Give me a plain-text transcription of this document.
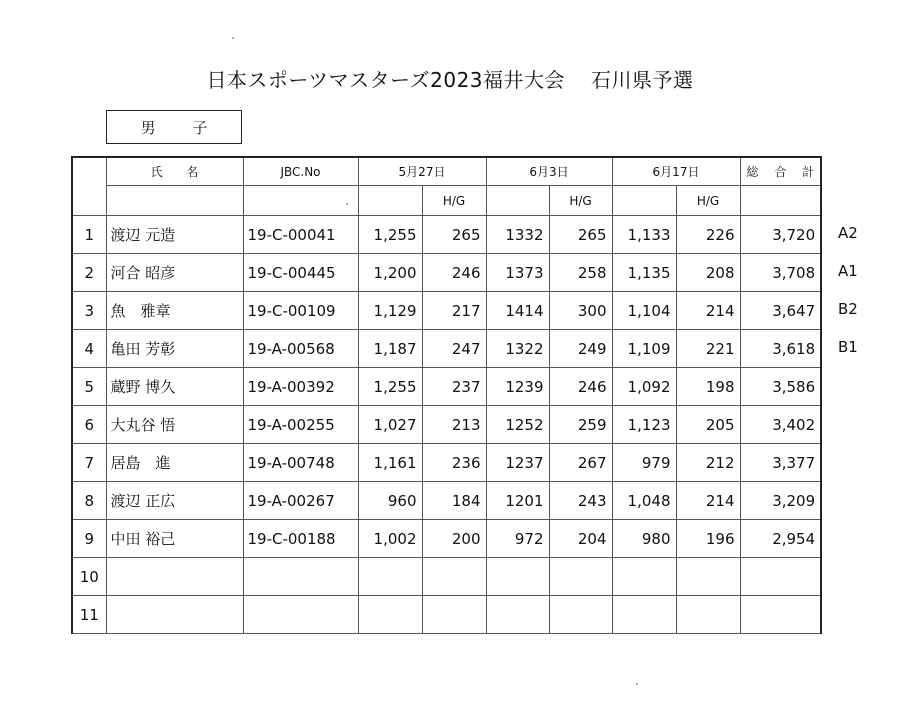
日本スポーツマスターズ2023福井大会 石川県予選
男 子
	氏 名	JBC.No	5月27日		6月3日		6月17日		総 合 計
				H/G		H/G		H/G	
1	渡辺 元造	19-C-00041	1,255	265	1332	265	1,133	226	3,720
2	河合 昭彦	19-C-00445	1,200	246	1373	258	1,135	208	3,708
3	魚　雅章	19-C-00109	1,129	217	1414	300	1,104	214	3,647
4	亀田 芳彰	19-A-00568	1,187	247	1322	249	1,109	221	3,618
5	蔵野 博久	19-A-00392	1,255	237	1239	246	1,092	198	3,586
6	大丸谷 悟	19-A-00255	1,027	213	1252	259	1,123	205	3,402
7	居島　進	19-A-00748	1,161	236	1237	267	979	212	3,377
8	渡辺 正広	19-A-00267	960	184	1201	243	1,048	214	3,209
9	中田 裕己	19-C-00188	1,002	200	972	204	980	196	2,954
10									
11									
A2
A1
B2
B1
